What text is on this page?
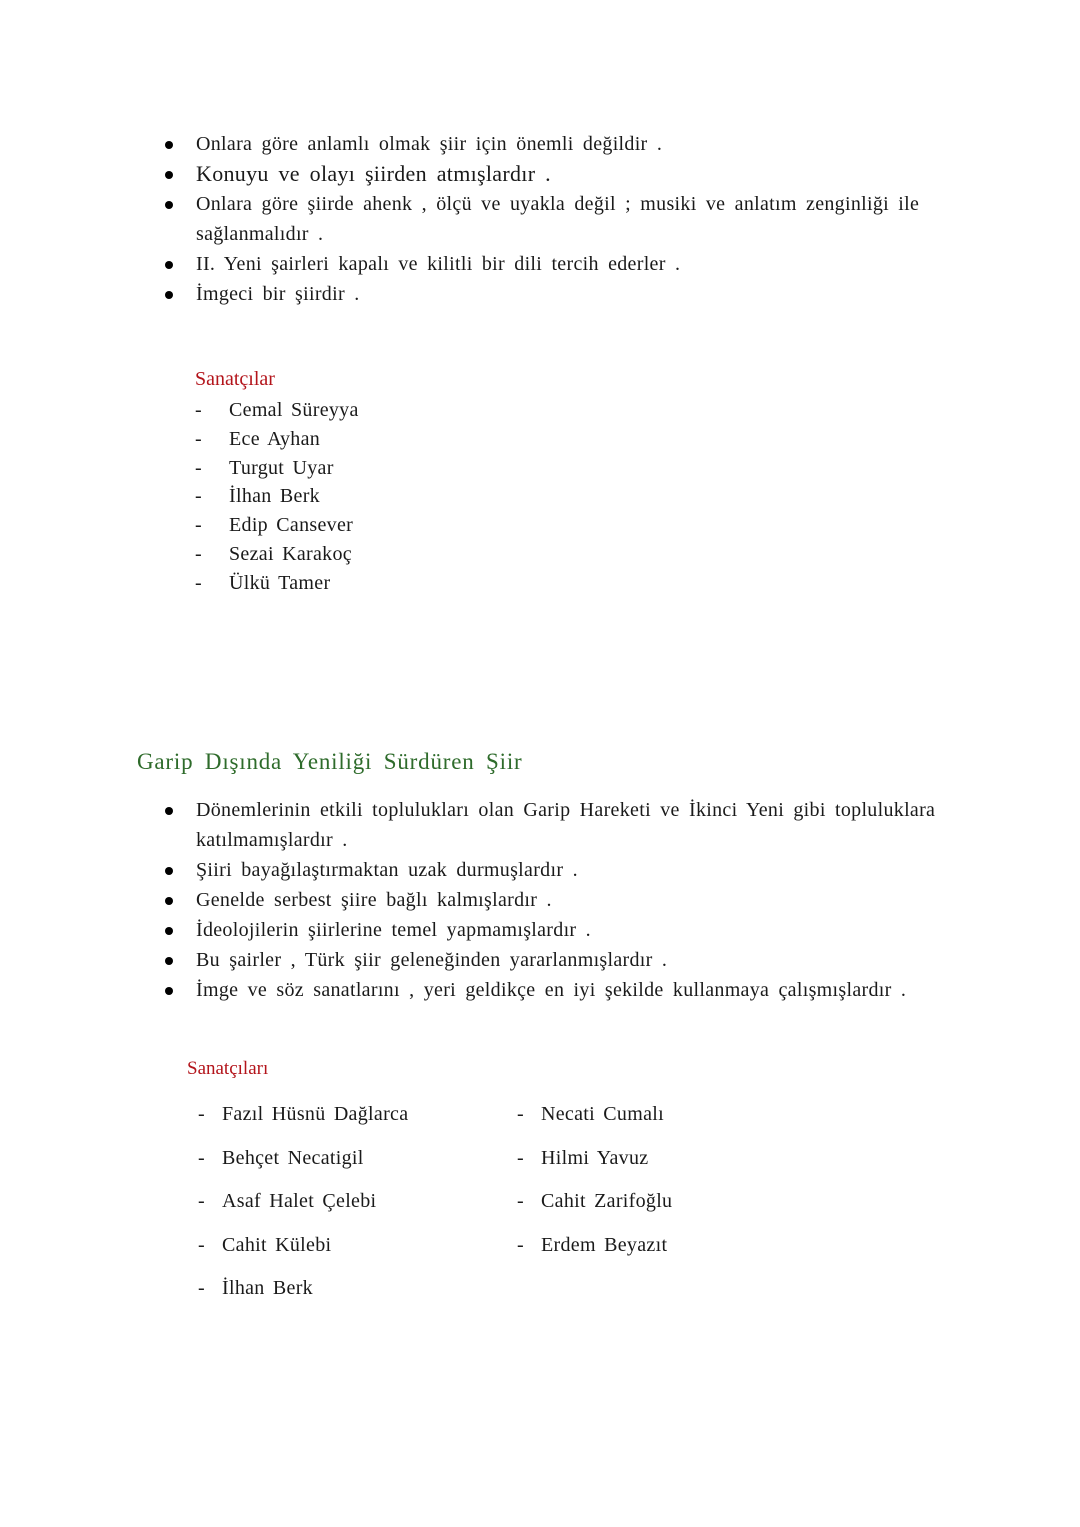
Onlara göre anlamlı olmak şiir için önemli değildir .
Konuyu ve olayı şiirden atmışlardır .
Onlara göre şiirde ahenk , ölçü ve uyakla değil ; musiki ve anlatım zenginliği ile sağlanmalıdır .
II. Yeni şairleri kapalı ve kilitli bir dili tercih ederler .
İmgeci bir şiirdir .
Sanatçılar
- Cemal Süreyya
- Ece Ayhan
- Turgut Uyar
- İlhan Berk
- Edip Cansever
- Sezai Karakoç
- Ülkü Tamer
Garip Dışında Yeniliği Sürdüren Şiir
Dönemlerinin etkili toplulukları olan Garip Hareketi ve İkinci Yeni gibi topluluklara katılmamışlardır .
Şiiri bayağılaştırmaktan uzak durmuşlardır .
Genelde serbest şiire bağlı kalmışlardır .
İdeolojilerin şiirlerine temel yapmamışlardır .
Bu şairler , Türk şiir geleneğinden yararlanmışlardır .
İmge ve söz sanatlarını , yeri geldikçe en iyi şekilde kullanmaya çalışmışlardır .
Sanatçıları
- Fazıl Hüsnü Dağlarca
- Behçet Necatigil
- Asaf Halet Çelebi
- Cahit Külebi
- İlhan Berk
- Necati Cumalı
- Hilmi Yavuz
- Cahit Zarifoğlu
- Erdem Beyazıt
